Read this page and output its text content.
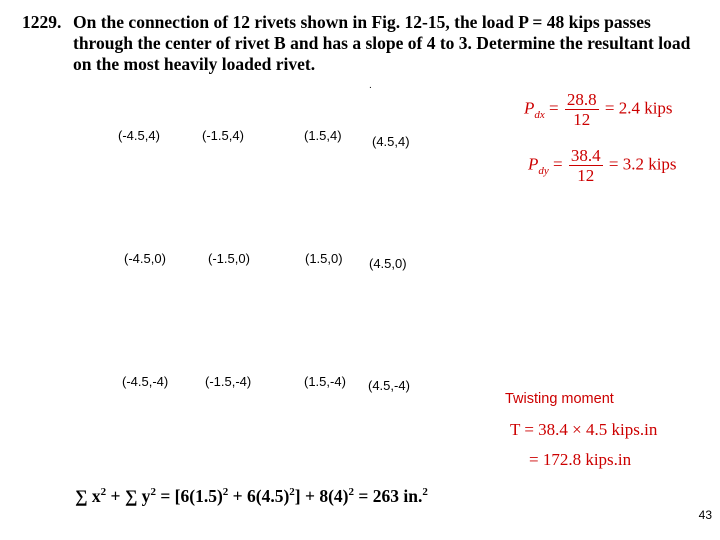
1229. On the connection of 12 rivets shown in Fig. 12-15, the load P = 48 kips passes through the center of rivet B and has a slope of 4 to 3. Determine the resultant load on the most heavily loaded rivet.
.
(-4.5,4)	(-1.5,4)	(1.5,4) (4.5,4)
(-4.5,0)	(-1.5,0)	(1.5,0) (4.5,0)
(-4.5,-4)	(-1.5,-4)	(1.5,-4) (4.5,-4)
$P_{dx} = \frac{28.8}{12} = 2.4$ kips
$P_{dy} = \frac{38.4}{12} = 3.2$ kips
Twisting moment
T = 38.4 × 4.5 kips.in
= 172.8 kips.in
∑ $x^2$ + ∑ $y^2 = [6(1.5)^2 + 6(4.5)^2] + 8(4)^2 = 263$ in.$^2$
43
